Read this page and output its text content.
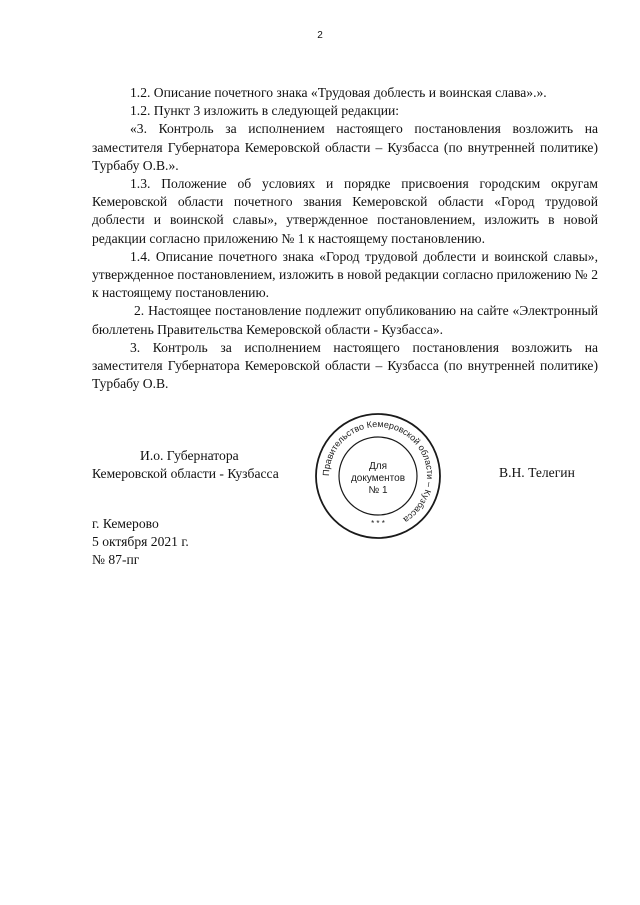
2

1.2. Описание почетного знака «Трудовая доблесть и воинская слава».».

1.2. Пункт 3 изложить в следующей редакции:

«3. Контроль за исполнением настоящего постановления возложить на заместителя Губернатора Кемеровской области – Кузбасса (по внутренней политике) Турбабу О.В.».

1.3. Положение об условиях и порядке присвоения городским округам Кемеровской области почетного звания Кемеровской области «Город трудовой доблести и воинской славы», утвержденное постановлением, изложить в новой редакции согласно приложению № 1 к настоящему постановлению.

1.4. Описание почетного знака «Город трудовой доблести и воинской славы», утвержденное постановлением, изложить в новой редакции согласно приложению № 2 к настоящему постановлению.

2. Настоящее постановление подлежит опубликованию на сайте «Электронный бюллетень Правительства Кемеровской области - Кузбасса».

3. Контроль за исполнением настоящего постановления возложить на заместителя Губернатора Кемеровской области – Кузбасса (по внутренней политике) Турбабу О.В.

И.о. Губернатора
Кемеровской области - Кузбасса	В.Н. Телегин
Правительство Кемеровской области – Кузбасса
* * *
Для
документов
№ 1
г. Кемерово
5 октября 2021 г.
№ 87-пг
